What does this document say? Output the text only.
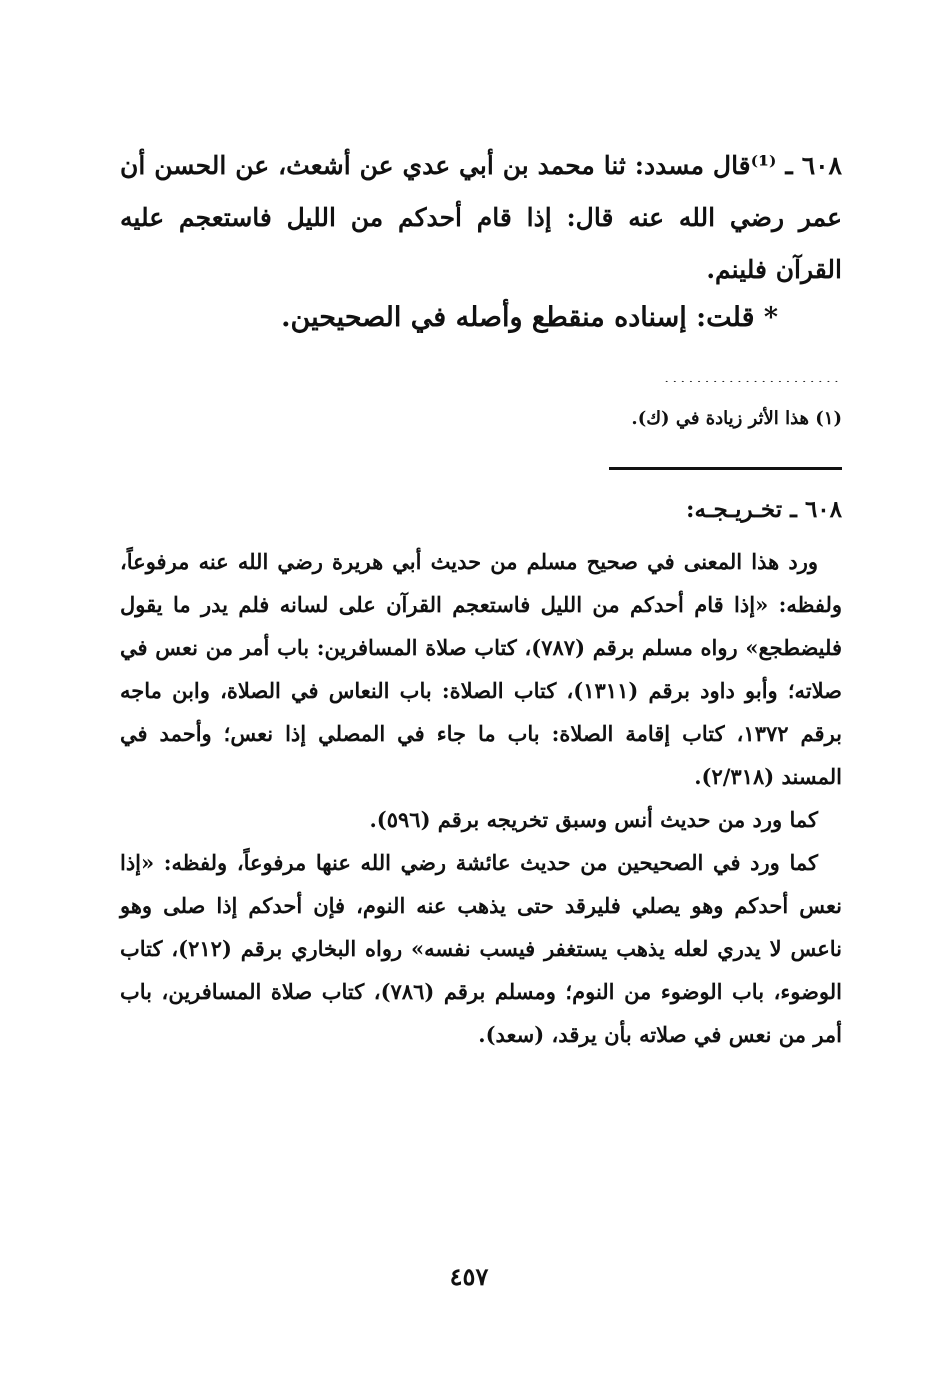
٦٠٨ ـ ⁽¹⁾قال مسدد: ثنا محمد بن أبي عدي عن أشعث، عن الحسن أن عمر رضي الله عنه قال: إذا قام أحدكم من الليل فاستعجم عليه القرآن فلينم.

* قلت: إسناده منقطع وأصله في الصحيحين.
......................
(١) هذا الأثر زيادة في (ك).
٦٠٨ ـ تخـريـجـه:

ورد هذا المعنى في صحيح مسلم من حديث أبي هريرة رضي الله عنه مرفوعاً، ولفظه: «إذا قام أحدكم من الليل فاستعجم القرآن على لسانه فلم يدر ما يقول فليضطجع» رواه مسلم برقم (٧٨٧)، كتاب صلاة المسافرين: باب أمر من نعس في صلاته؛ وأبو داود برقم (١٣١١)، كتاب الصلاة: باب النعاس في الصلاة، وابن ماجه برقم ١٣٧٢، كتاب إقامة الصلاة: باب ما جاء في المصلي إذا نعس؛ وأحمد في المسند (٢/٣١٨).

كما ورد من حديث أنس وسبق تخريجه برقم (٥٩٦).

كما ورد في الصحيحين من حديث عائشة رضي الله عنها مرفوعاً، ولفظه: «إذا نعس أحدكم وهو يصلي فليرقد حتى يذهب عنه النوم، فإن أحدكم إذا صلى وهو ناعس لا يدري لعله يذهب يستغفر فيسب نفسه» رواه البخاري برقم (٢١٢)، كتاب الوضوء، باب الوضوء من النوم؛ ومسلم برقم (٧٨٦)، كتاب صلاة المسافرين، باب أمر من نعس في صلاته بأن يرقد، (سعد).

٤٥٧
